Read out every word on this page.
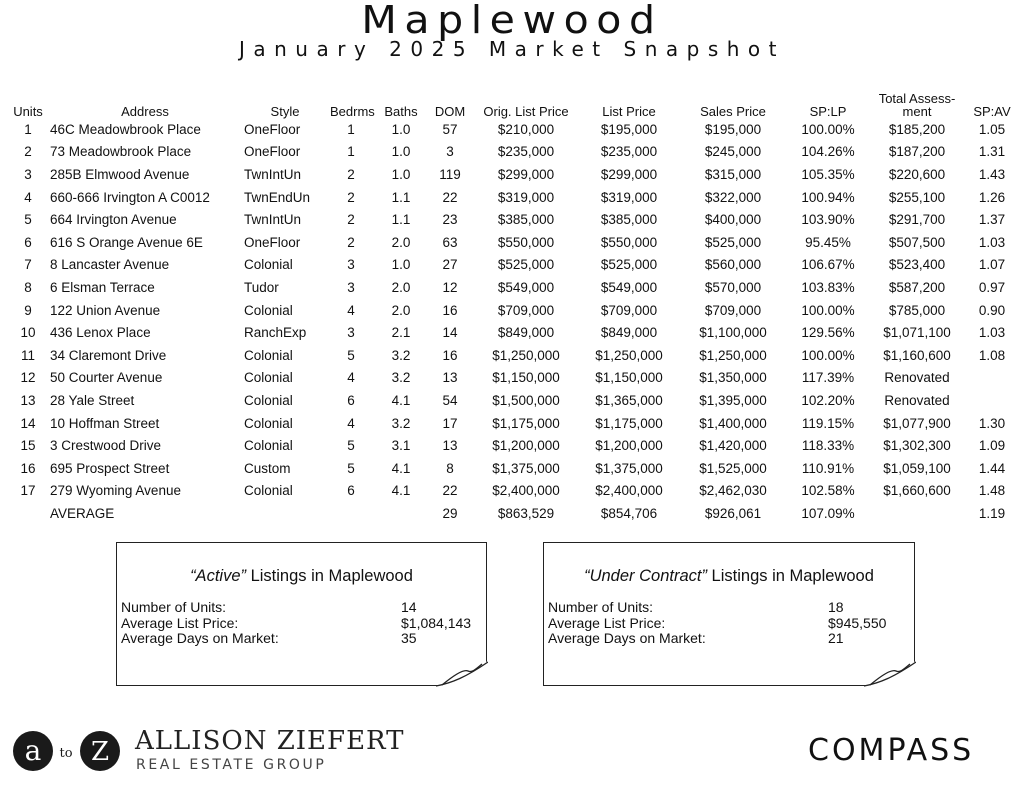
Maplewood
January 2025 Market Snapshot
Units	Address	Style	Bedrms	Baths	DOM	Orig. List Price	List Price	Sales Price	SP:LP	Total Assess-ment	SP:AV
1	46C Meadowbrook Place	OneFloor	1	1.0	57	$210,000	$195,000	$195,000	100.00%	$185,200	1.05
2	73 Meadowbrook Place	OneFloor	1	1.0	3	$235,000	$235,000	$245,000	104.26%	$187,200	1.31
3	285B Elmwood Avenue	TwnIntUn	2	1.0	119	$299,000	$299,000	$315,000	105.35%	$220,600	1.43
4	660-666 Irvington A C0012	TwnEndUn	2	1.1	22	$319,000	$319,000	$322,000	100.94%	$255,100	1.26
5	664 Irvington Avenue	TwnIntUn	2	1.1	23	$385,000	$385,000	$400,000	103.90%	$291,700	1.37
6	616 S Orange Avenue 6E	OneFloor	2	2.0	63	$550,000	$550,000	$525,000	95.45%	$507,500	1.03
7	8 Lancaster Avenue	Colonial	3	1.0	27	$525,000	$525,000	$560,000	106.67%	$523,400	1.07
8	6 Elsman Terrace	Tudor	3	2.0	12	$549,000	$549,000	$570,000	103.83%	$587,200	0.97
9	122 Union Avenue	Colonial	4	2.0	16	$709,000	$709,000	$709,000	100.00%	$785,000	0.90
10	436 Lenox Place	RanchExp	3	2.1	14	$849,000	$849,000	$1,100,000	129.56%	$1,071,100	1.03
11	34 Claremont Drive	Colonial	5	3.2	16	$1,250,000	$1,250,000	$1,250,000	100.00%	$1,160,600	1.08
12	50 Courter Avenue	Colonial	4	3.2	13	$1,150,000	$1,150,000	$1,350,000	117.39%	Renovated	
13	28 Yale Street	Colonial	6	4.1	54	$1,500,000	$1,365,000	$1,395,000	102.20%	Renovated	
14	10 Hoffman Street	Colonial	4	3.2	17	$1,175,000	$1,175,000	$1,400,000	119.15%	$1,077,900	1.30
15	3 Crestwood Drive	Colonial	5	3.1	13	$1,200,000	$1,200,000	$1,420,000	118.33%	$1,302,300	1.09
16	695 Prospect Street	Custom	5	4.1	8	$1,375,000	$1,375,000	$1,525,000	110.91%	$1,059,100	1.44
17	279 Wyoming Avenue	Colonial	6	4.1	22	$2,400,000	$2,400,000	$2,462,030	102.58%	$1,660,600	1.48
	AVERAGE				29	$863,529	$854,706	$926,061	107.09%		1.19
“Active” Listings in Maplewood
Number of Units:	14
Average List Price:	$1,084,143
Average Days on Market:	35
“Under Contract” Listings in Maplewood
Number of Units:	18
Average List Price:	$945,550
Average Days on Market:	21
a to Z ALLISON ZIEFERT
REAL ESTATE GROUP	COMPASS
